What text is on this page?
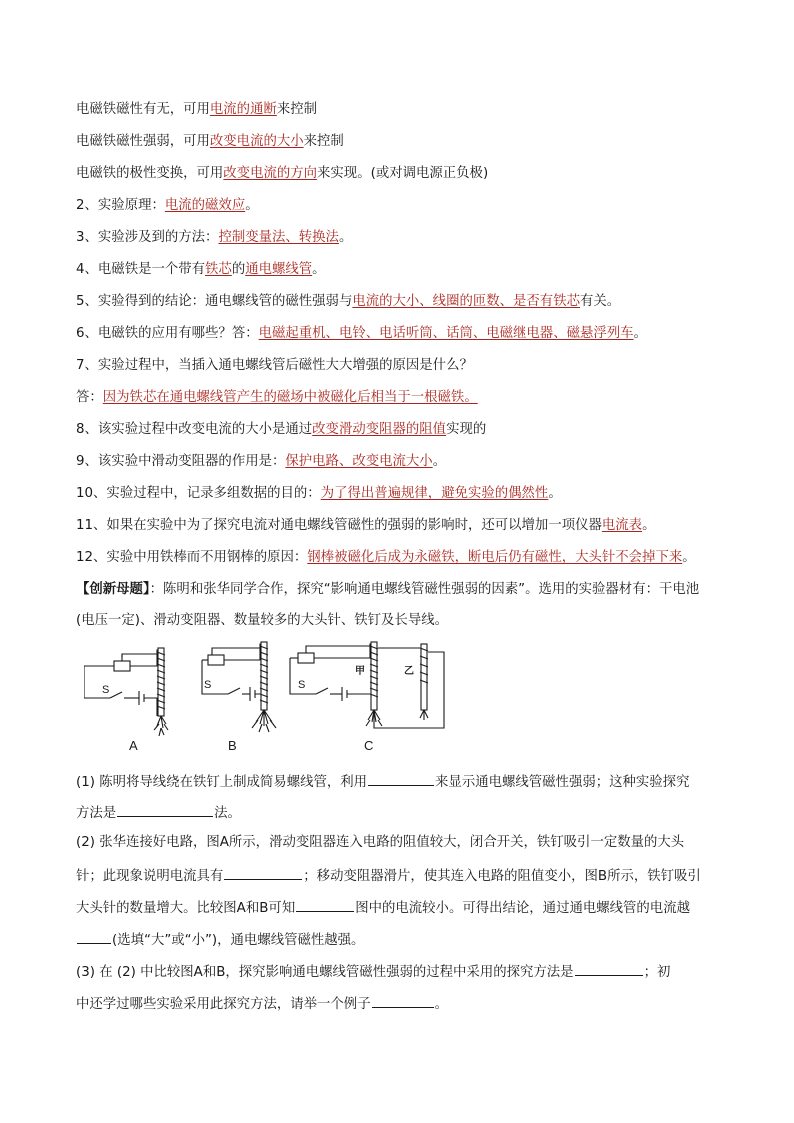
电磁铁磁性有无，可用电流的通断来控制
电磁铁磁性强弱，可用改变电流的大小来控制
电磁铁的极性变换，可用改变电流的方向来实现。(或对调电源正负极)
2、实验原理：电流的磁效应。
3、实验涉及到的方法：控制变量法、转换法。
4、电磁铁是一个带有铁芯的通电螺线管。
5、实验得到的结论：通电螺线管的磁性强弱与电流的大小、线圈的匝数、是否有铁芯有关。
6、电磁铁的应用有哪些？答：电磁起重机、电铃、电话听筒、话筒、电磁继电器、磁悬浮列车。
7、实验过程中，当插入通电螺线管后磁性大大增强的原因是什么？
答：因为铁芯在通电螺线管产生的磁场中被磁化后相当于一根磁铁。
8、该实验过程中改变电流的大小是通过改变滑动变阻器的阻值实现的
9、该实验中滑动变阻器的作用是：保护电路、改变电流大小。
10、实验过程中，记录多组数据的目的：为了得出普遍规律，避免实验的偶然性。
11、如果在实验中为了探究电流对通电螺线管磁性的强弱的影响时，还可以增加一项仪器电流表。
12、实验中用铁棒而不用钢棒的原因：钢棒被磁化后成为永磁铁，断电后仍有磁性，大头针不会掉下来。
【创新母题】：陈明和张华同学合作，探究“影响通电螺线管磁性强弱的因素”。选用的实验器材有：干电池
(电压一定)、滑动变阻器、数量较多的大头针、铁钉及长导线。
S	S	S
甲	乙
A	B	C
(1) 陈明将导线绕在铁钉上制成简易螺线管，利用	来显示通电螺线管磁性强弱；这种实验探究
方法是	法。
(2) 张华连接好电路，图A所示，滑动变阻器连入电路的阻值较大，闭合开关，铁钉吸引一定数量的大头
针；此现象说明电流具有	；移动变阻器滑片，使其连入电路的阻值变小，图B所示，铁钉吸引
大头针的数量增大。比较图A和B可知	图中的电流较小。可得出结论，通过通电螺线管的电流越
(选填“大”或“小”)，通电螺线管磁性越强。
(3) 在 (2) 中比较图A和B，探究影响通电螺线管磁性强弱的过程中采用的探究方法是	；初
中还学过哪些实验采用此探究方法，请举一个例子	。
